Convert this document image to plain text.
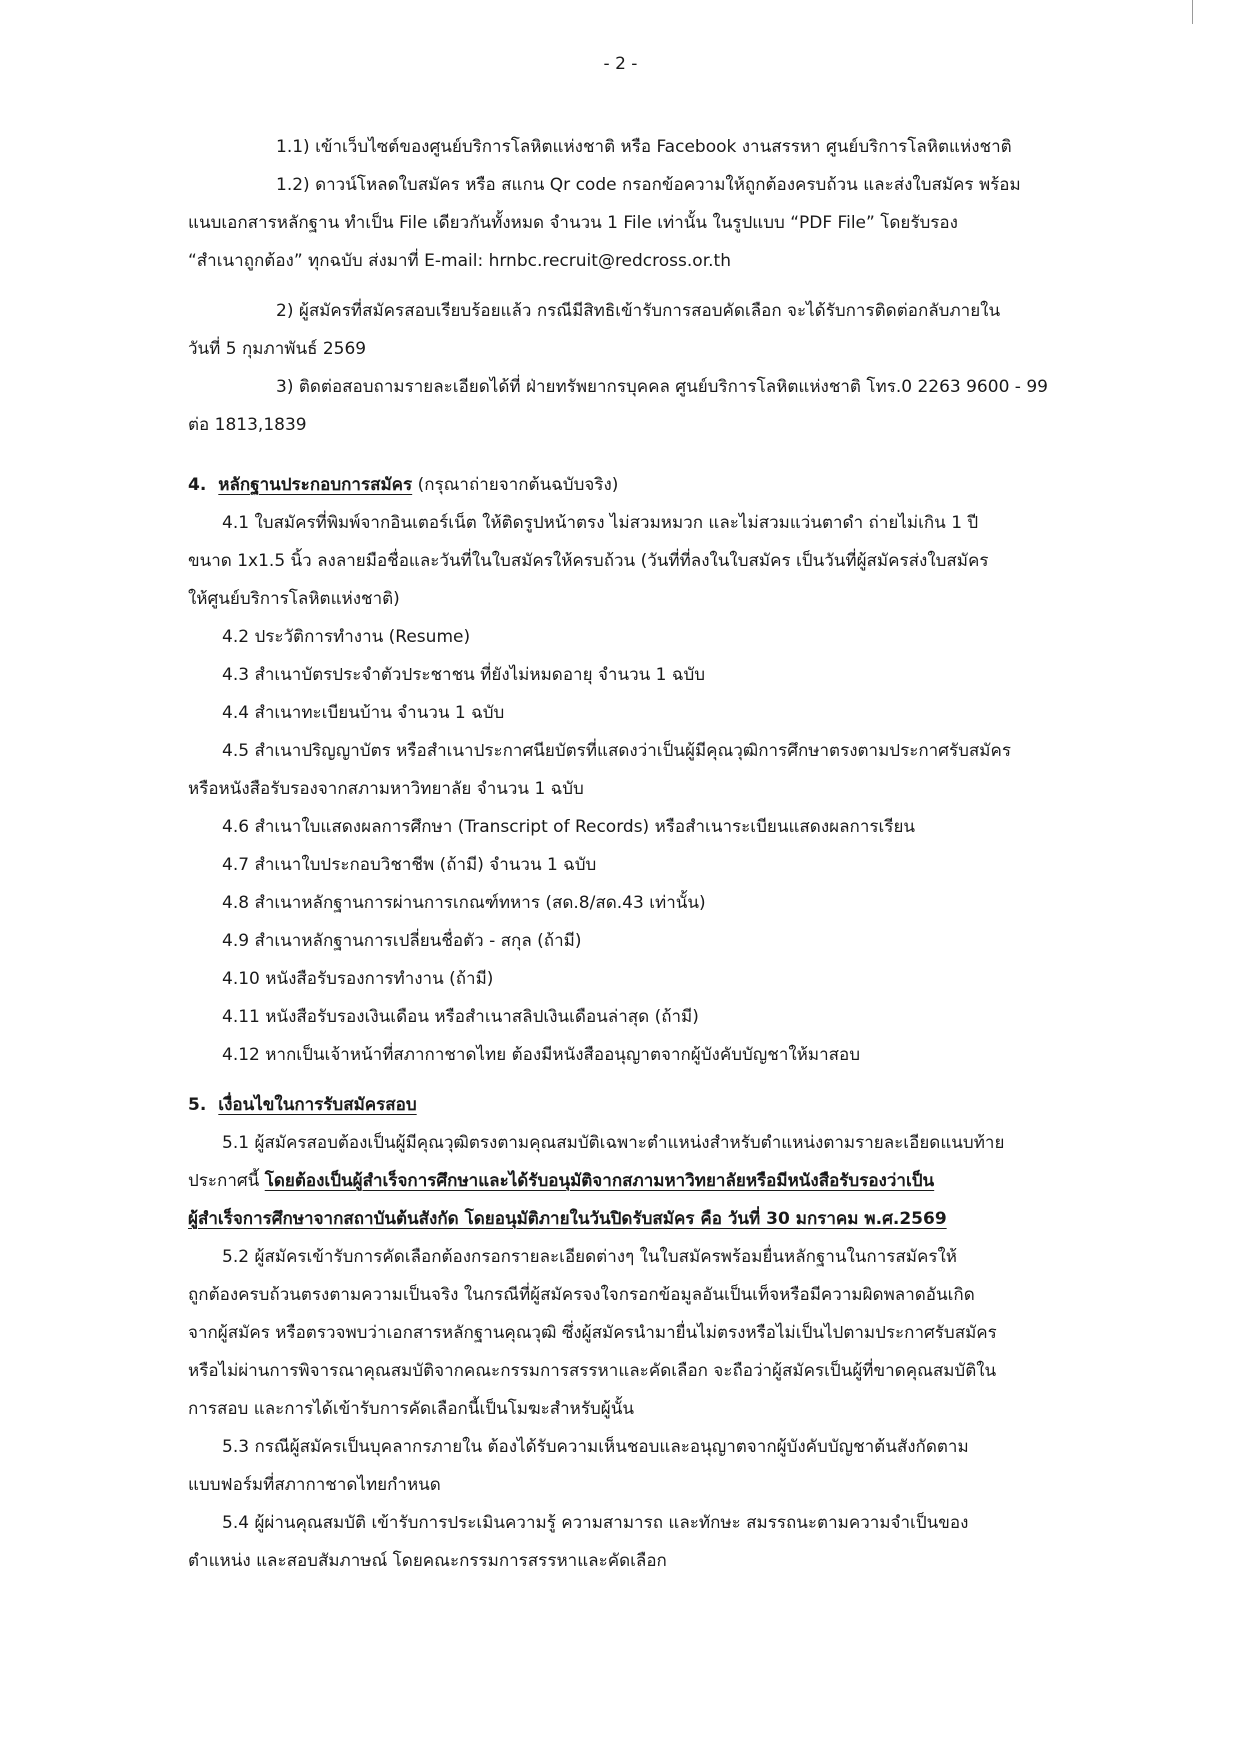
- 2 -
1.1) เข้าเว็บไซต์ของศูนย์บริการโลหิตแห่งชาติ หรือ Facebook งานสรรหา ศูนย์บริการโลหิตแห่งชาติ
1.2) ดาวน์โหลดใบสมัคร หรือ สแกน Qr code กรอกข้อความให้ถูกต้องครบถ้วน และส่งใบสมัคร พร้อม
แนบเอกสารหลักฐาน ทำเป็น File เดียวกันทั้งหมด จำนวน 1 File เท่านั้น ในรูปแบบ “PDF File” โดยรับรอง
“สำเนาถูกต้อง” ทุกฉบับ ส่งมาที่ E-mail: hrnbc.recruit@redcross.or.th
2) ผู้สมัครที่สมัครสอบเรียบร้อยแล้ว กรณีมีสิทธิเข้ารับการสอบคัดเลือก จะได้รับการติดต่อกลับภายใน
วันที่ 5 กุมภาพันธ์ 2569
3) ติดต่อสอบถามรายละเอียดได้ที่ ฝ่ายทรัพยากรบุคคล ศูนย์บริการโลหิตแห่งชาติ โทร.0 2263 9600 - 99
ต่อ 1813,1839
4. หลักฐานประกอบการสมัคร (กรุณาถ่ายจากต้นฉบับจริง)
4.1 ใบสมัครที่พิมพ์จากอินเตอร์เน็ต ให้ติดรูปหน้าตรง ไม่สวมหมวก และไม่สวมแว่นตาดำ ถ่ายไม่เกิน 1 ปี
ขนาด 1x1.5 นิ้ว ลงลายมือชื่อและวันที่ในใบสมัครให้ครบถ้วน (วันที่ที่ลงในใบสมัคร เป็นวันที่ผู้สมัครส่งใบสมัคร
ให้ศูนย์บริการโลหิตแห่งชาติ)
4.2 ประวัติการทำงาน (Resume)
4.3 สำเนาบัตรประจำตัวประชาชน ที่ยังไม่หมดอายุ จำนวน 1 ฉบับ
4.4 สำเนาทะเบียนบ้าน จำนวน 1 ฉบับ
4.5 สำเนาปริญญาบัตร หรือสำเนาประกาศนียบัตรที่แสดงว่าเป็นผู้มีคุณวุฒิการศึกษาตรงตามประกาศรับสมัคร
หรือหนังสือรับรองจากสภามหาวิทยาลัย จำนวน 1 ฉบับ
4.6 สำเนาใบแสดงผลการศึกษา (Transcript of Records) หรือสำเนาระเบียนแสดงผลการเรียน
4.7 สำเนาใบประกอบวิชาชีพ (ถ้ามี) จำนวน 1 ฉบับ
4.8 สำเนาหลักฐานการผ่านการเกณฑ์ทหาร (สด.8/สด.43 เท่านั้น)
4.9 สำเนาหลักฐานการเปลี่ยนชื่อตัว - สกุล (ถ้ามี)
4.10 หนังสือรับรองการทำงาน (ถ้ามี)
4.11 หนังสือรับรองเงินเดือน หรือสำเนาสลิปเงินเดือนล่าสุด (ถ้ามี)
4.12 หากเป็นเจ้าหน้าที่สภากาชาดไทย ต้องมีหนังสืออนุญาตจากผู้บังคับบัญชาให้มาสอบ
5. เงื่อนไขในการรับสมัครสอบ
5.1 ผู้สมัครสอบต้องเป็นผู้มีคุณวุฒิตรงตามคุณสมบัติเฉพาะตำแหน่งสำหรับตำแหน่งตามรายละเอียดแนบท้าย
ประกาศนี้ โดยต้องเป็นผู้สำเร็จการศึกษาและได้รับอนุมัติจากสภามหาวิทยาลัยหรือมีหนังสือรับรองว่าเป็น
ผู้สำเร็จการศึกษาจากสถาบันต้นสังกัด โดยอนุมัติภายในวันปิดรับสมัคร คือ วันที่ 30 มกราคม พ.ศ.2569
5.2 ผู้สมัครเข้ารับการคัดเลือกต้องกรอกรายละเอียดต่างๆ ในใบสมัครพร้อมยื่นหลักฐานในการสมัครให้
ถูกต้องครบถ้วนตรงตามความเป็นจริง ในกรณีที่ผู้สมัครจงใจกรอกข้อมูลอันเป็นเท็จหรือมีความผิดพลาดอันเกิด
จากผู้สมัคร หรือตรวจพบว่าเอกสารหลักฐานคุณวุฒิ ซึ่งผู้สมัครนำมายื่นไม่ตรงหรือไม่เป็นไปตามประกาศรับสมัคร
หรือไม่ผ่านการพิจารณาคุณสมบัติจากคณะกรรมการสรรหาและคัดเลือก จะถือว่าผู้สมัครเป็นผู้ที่ขาดคุณสมบัติใน
การสอบ และการได้เข้ารับการคัดเลือกนี้เป็นโมฆะสำหรับผู้นั้น
5.3 กรณีผู้สมัครเป็นบุคลากรภายใน ต้องได้รับความเห็นชอบและอนุญาตจากผู้บังคับบัญชาต้นสังกัดตาม
แบบฟอร์มที่สภากาชาดไทยกำหนด
5.4 ผู้ผ่านคุณสมบัติ เข้ารับการประเมินความรู้ ความสามารถ และทักษะ สมรรถนะตามความจำเป็นของ
ตำแหน่ง และสอบสัมภาษณ์ โดยคณะกรรมการสรรหาและคัดเลือก
